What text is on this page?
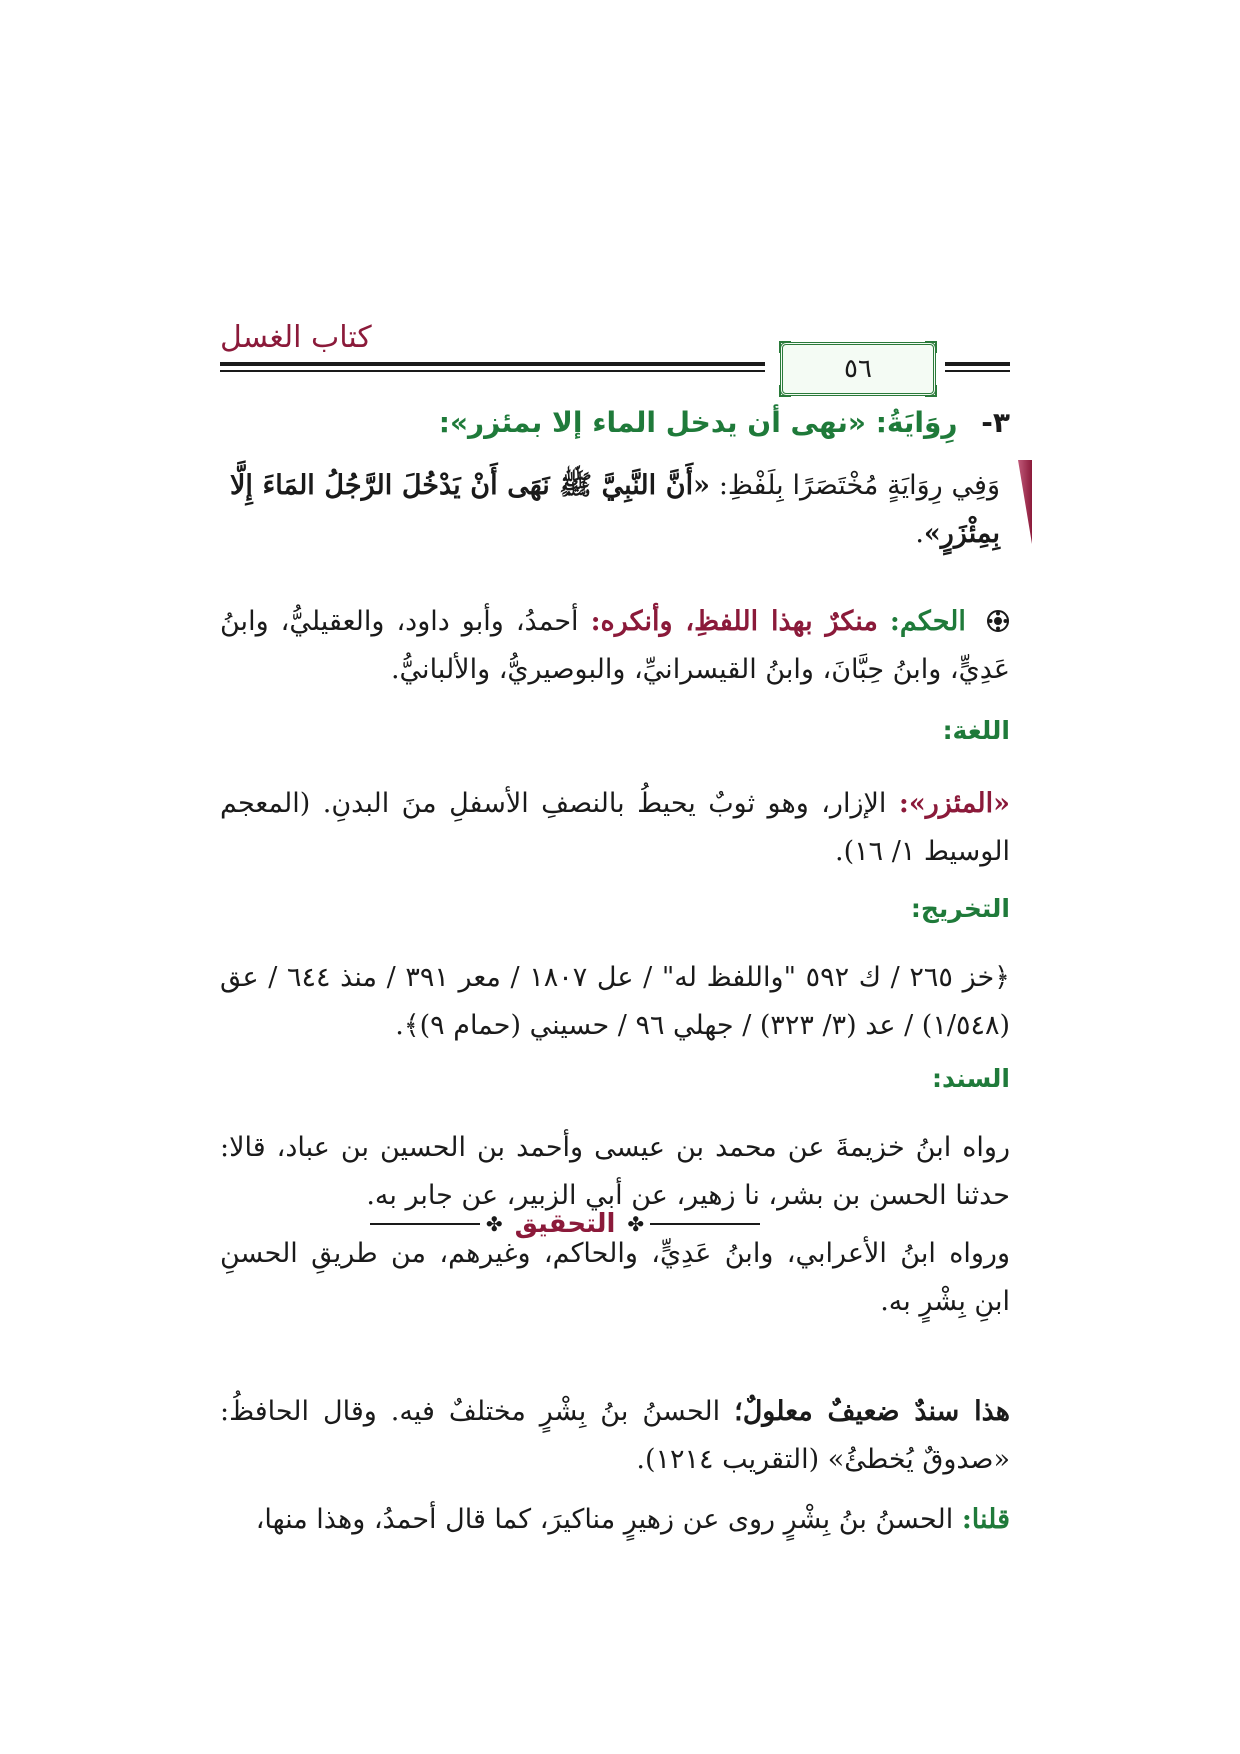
كتاب الغسل
٥٦
٣- رِوَايَةُ: «نهى أن يدخل الماء إلا بمئزر»:
وَفِي رِوَايَةٍ مُخْتَصَرًا بِلَفْظِ: «أَنَّ النَّبِيَّ ﷺ نَهَى أَنْ يَدْخُلَ الرَّجُلُ المَاءَ إِلَّا بِمِئْزَرٍ».
الحكم: منكرٌ بهذا اللفظِ، وأنكره: أحمدُ، وأبو داود، والعقيليُّ، وابنُ عَدِيٍّ، وابنُ حِبَّانَ، وابنُ القيسرانيِّ، والبوصيريُّ، والألبانيُّ.
اللغة:
«المئزر»: الإزار، وهو ثوبٌ يحيطُ بالنصفِ الأسفلِ منَ البدنِ. (المعجم الوسيط ١/ ١٦).
التخريج:
﴿خز ٢٦٥ / ك ٥٩٢ "واللفظ له" / عل ١٨٠٧ / معر ٣٩١ / منذ ٦٤٤ / عق (١/٥٤٨) / عد (٣/ ٣٢٣) / جهلي ٩٦ / حسيني (حمام ٩)﴾.
السند:
رواه ابنُ خزيمةَ عن محمد بن عيسى وأحمد بن الحسين بن عباد، قالا: حدثنا الحسن بن بشر، نا زهير، عن أبي الزبير، عن جابر به.
ورواه ابنُ الأعرابي، وابنُ عَدِيٍّ، والحاكم، وغيرهم، من طريقِ الحسنِ ابنِ بِشْرٍ به.
هذا سندٌ ضعيفٌ معلولٌ؛ الحسنُ بنُ بِشْرٍ مختلفٌ فيه. وقال الحافظُ: «صدوقٌ يُخطئُ» (التقريب ١٢١٤).
قلنا: الحسنُ بنُ بِشْرٍ روى عن زهيرٍ مناكيرَ، كما قال أحمدُ، وهذا منها،
✤
التحقيق
✤
